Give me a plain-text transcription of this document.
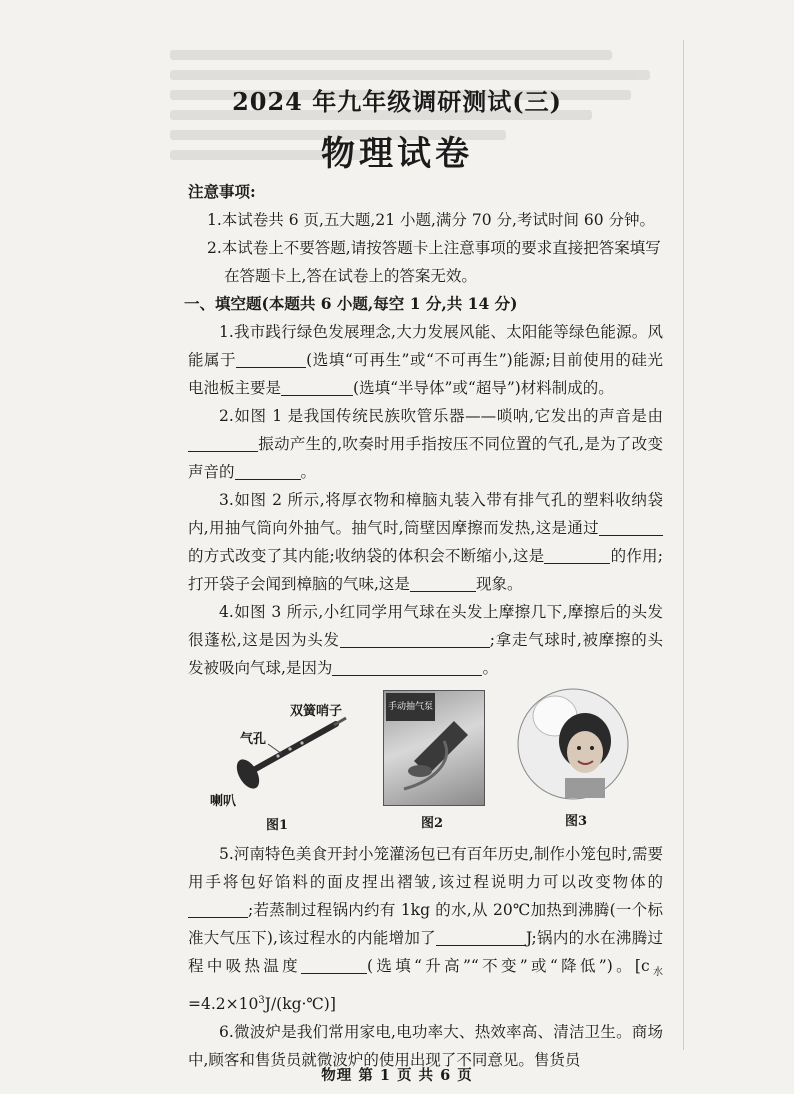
2024 年九年级调研测试(三)
物理试卷

注意事项:

1.本试卷共 6 页,五大题,21 小题,满分 70 分,考试时间 60 分钟。

2.本试卷上不要答题,请按答题卡上注意事项的要求直接把答案填写在答题卡上,答在试卷上的答案无效。

一、填空题(本题共 6 小题,每空 1 分,共 14 分)

1.我市践行绿色发展理念,大力发展风能、太阳能等绿色能源。风能属于	(选填“可再生”或“不可再生”)能源;目前使用的硅光电池板主要是	(选填“半导体”或“超导”)材料制成的。

2.如图 1 是我国传统民族吹管乐器——唢呐,它发出的声音是由振动产生的,吹奏时用手指按压不同位置的气孔,是为了改变声音的	。

3.如图 2 所示,将厚衣物和樟脑丸装入带有排气孔的塑料收纳袋内,用抽气筒向外抽气。抽气时,筒壁因摩擦而发热,这是通过的方式改变了其内能;收纳袋的体积会不断缩小,这是	的作用;打开袋子会闻到樟脑的气味,这是	现象。

4.如图 3 所示,小红同学用气球在头发上摩擦几下,摩擦后的头发很蓬松,这是因为头发	;拿走气球时,被摩擦的头发被吸向气球,是因为	。

双簧哨子
气孔
喇叭
图1
手动抽气泵
图2	图3

5.河南特色美食开封小笼灌汤包已有百年历史,制作小笼包时,需要用手将包好馅料的面皮捏出褶皱,该过程说明力可以改变物体的;若蒸制过程锅内约有 1kg 的水,从 20℃加热到沸腾(一个标准大气压下),该过程水的内能增加了	J;锅内的水在沸腾过程中吸热温度	(选填“升高”“不变”或“降低”)。$[c_水=4.2\times 10^3J/(kg\cdot℃)]$

6.微波炉是我们常用家电,电功率大、热效率高、清洁卫生。商场中,顾客和售货员就微波炉的使用出现了不同意见。售货员

物理 第 1 页 共 6 页
